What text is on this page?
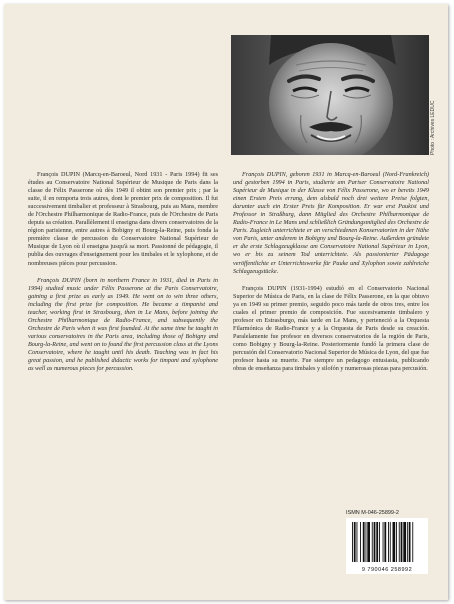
Photo : Archives LEDUC

François DUPIN (Marcq-en-Baroeul, Nord 1931 - Paris 1994) fit ses études au Conservatoire National Supérieur de Musique de Paris dans la classe de Félix Passerone où dès 1949 il obtint son premier prix ; par la suite, il en remporta trois autres, dont le premier prix de composition. Il fut successivement timbalier et professeur à Strasbourg, puis au Mans, membre de l'Orchestre Philharmonique de Radio-France, puis de l'Orchestre de Paris depuis sa création. Parallèlement il enseigna dans divers conservatoires de la région parisienne, entre autres à Bobigny et Bourg-la-Reine, puis fonda la première classe de percussion du Conservatoire National Supérieur de Musique de Lyon où il enseigna jusqu'à sa mort. Passionné de pédagogie, il publia des ouvrages d'enseignement pour les timbales et le xylophone, et de nombreuses pièces pour percussion.

François DUPIN (born in northern France in 1931, died in Paris in 1994) studied music under Félix Passerone at the Paris Conservatoire, gaining a first prize as early as 1949. He went on to win three others, including the first prize for composition. He became a timpanist and teacher, working first in Strasbourg, then in Le Mans, before joining the Orchestre Philharmonique de Radio-France, and subsequently the Orchestre de Paris when it was first founded. At the same time he taught in various conservatoires in the Paris area, including those of Bobigny and Bourg-la-Reine, and went on to found the first percussion class at the Lyons Conservatoire, where he taught until his death. Teaching was in fact his great passion, and he published didactic works for timpani and xylophone as well as numerous pieces for percussion.

François DUPIN, geboren 1931 in Marcq-en-Baroeul (Nord-Frankreich) und gestorben 1994 in Paris, studierte am Pariser Conservatoire National Supérieur de Musique in der Klasse von Félix Passerone, wo er bereits 1949 einen Ersten Preis errang, dem alsbald noch drei weitere Preise folgten, darunter auch ein Erster Preis für Komposition. Er war erst Paukist und Professor in Straßburg, dann Mitglied des Orchestre Philharmonique de Radio-France in Le Mans und schließlich Gründungsmitglied des Orchestre de Paris. Zugleich unterrichtete er an verschiedenen Konservatorien in der Nähe von Paris, unter anderem in Bobigny und Bourg-la-Reine. Außerdem gründete er die erste Schlagzeugklasse am Conservatoire National Supérieur in Lyon, wo er bis zu seinem Tod unterrichtete. Als passionierter Pädagoge veröffentlichte er Unterrichtswerke für Pauke und Xylophon sowie zahlreiche Schlagzeugstücke.

François DUPIN (1931-1994) estudió en el Conservatorio Nacional Superior de Música de Paris, en la clase de Félix Passerone, en la que obtuvo ya en 1949 su primer premio, seguido poco más tarde de otros tres, entre los cuales el primer premio de composición. Fue sucesivamente timbalero y profesor en Estrasburgo, más tarde en Le Mans, y perteneció a la Orquesta Filarmónica de Radio-France y a la Orquesta de Paris desde su creación. Paralelamente fue profesor en diversos conservatorios de la región de Paris, como Bobigny y Bourg-la-Reine. Posteriormente fundó la primera clase de percusión del Conservatorio Nacional Superior de Música de Lyon, del que fue profesor hasta su muerte. Fue siempre un pedagogo entusiasta, publicando obras de enseñanza para timbales y silofón y numerosas piezas para percusión.

ISMN M-046-25899-2
9 790046 258992
